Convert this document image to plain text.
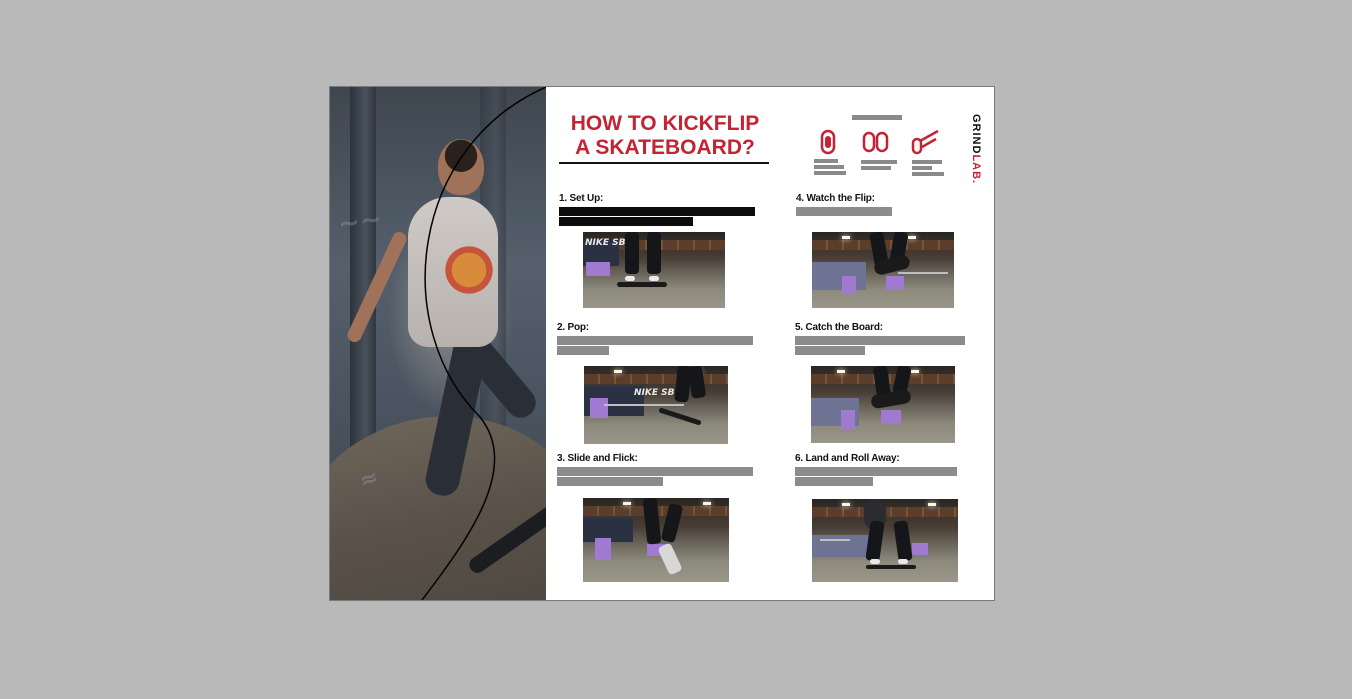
~~
≈
HOW TO KICKFLIP
A SKATEBOARD?	GRINDLAB.

1. Set Up:

NIKE SB

2. Pop:

NIKE SB

3. Slide and Flick:

4. Watch the Flip:

5. Catch the Board:

6. Land and Roll Away:
